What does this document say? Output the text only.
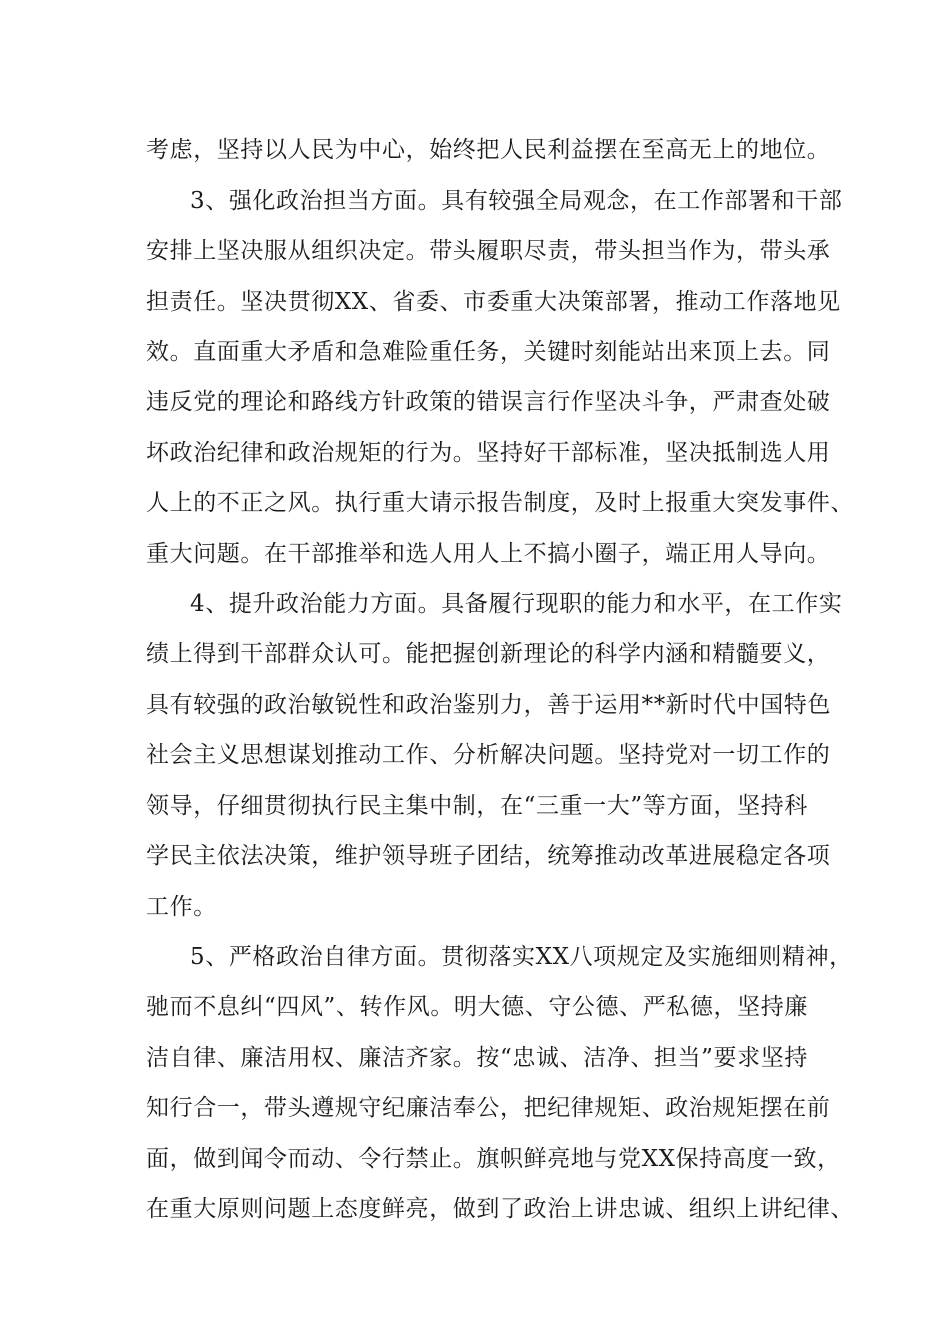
考虑，坚持以人民为中心，始终把人民利益摆在至高无上的地位。
3、强化政治担当方面。具有较强全局观念，在工作部署和干部
安排上坚决服从组织决定。带头履职尽责，带头担当作为，带头承
担责任。坚决贯彻XX、省委、市委重大决策部署，推动工作落地见
效。直面重大矛盾和急难险重任务，关键时刻能站出来顶上去。同
违反党的理论和路线方针政策的错误言行作坚决斗争，严肃查处破
坏政治纪律和政治规矩的行为。坚持好干部标准，坚决抵制选人用
人上的不正之风。执行重大请示报告制度，及时上报重大突发事件、
重大问题。在干部推举和选人用人上不搞小圈子，端正用人导向。
4、提升政治能力方面。具备履行现职的能力和水平，在工作实
绩上得到干部群众认可。能把握创新理论的科学内涵和精髓要义，
具有较强的政治敏锐性和政治鉴别力，善于运用**新时代中国特色
社会主义思想谋划推动工作、分析解决问题。坚持党对一切工作的
领导，仔细贯彻执行民主集中制，在“三重一大”等方面，坚持科
学民主依法决策，维护领导班子团结，统筹推动改革进展稳定各项
工作。
5、严格政治自律方面。贯彻落实XX八项规定及实施细则精神，
驰而不息纠“四风”、转作风。明大德、守公德、严私德，坚持廉
洁自律、廉洁用权、廉洁齐家。按“忠诚、洁净、担当”要求坚持
知行合一，带头遵规守纪廉洁奉公，把纪律规矩、政治规矩摆在前
面，做到闻令而动、令行禁止。旗帜鲜亮地与党XX保持高度一致，
在重大原则问题上态度鲜亮，做到了政治上讲忠诚、组织上讲纪律、
